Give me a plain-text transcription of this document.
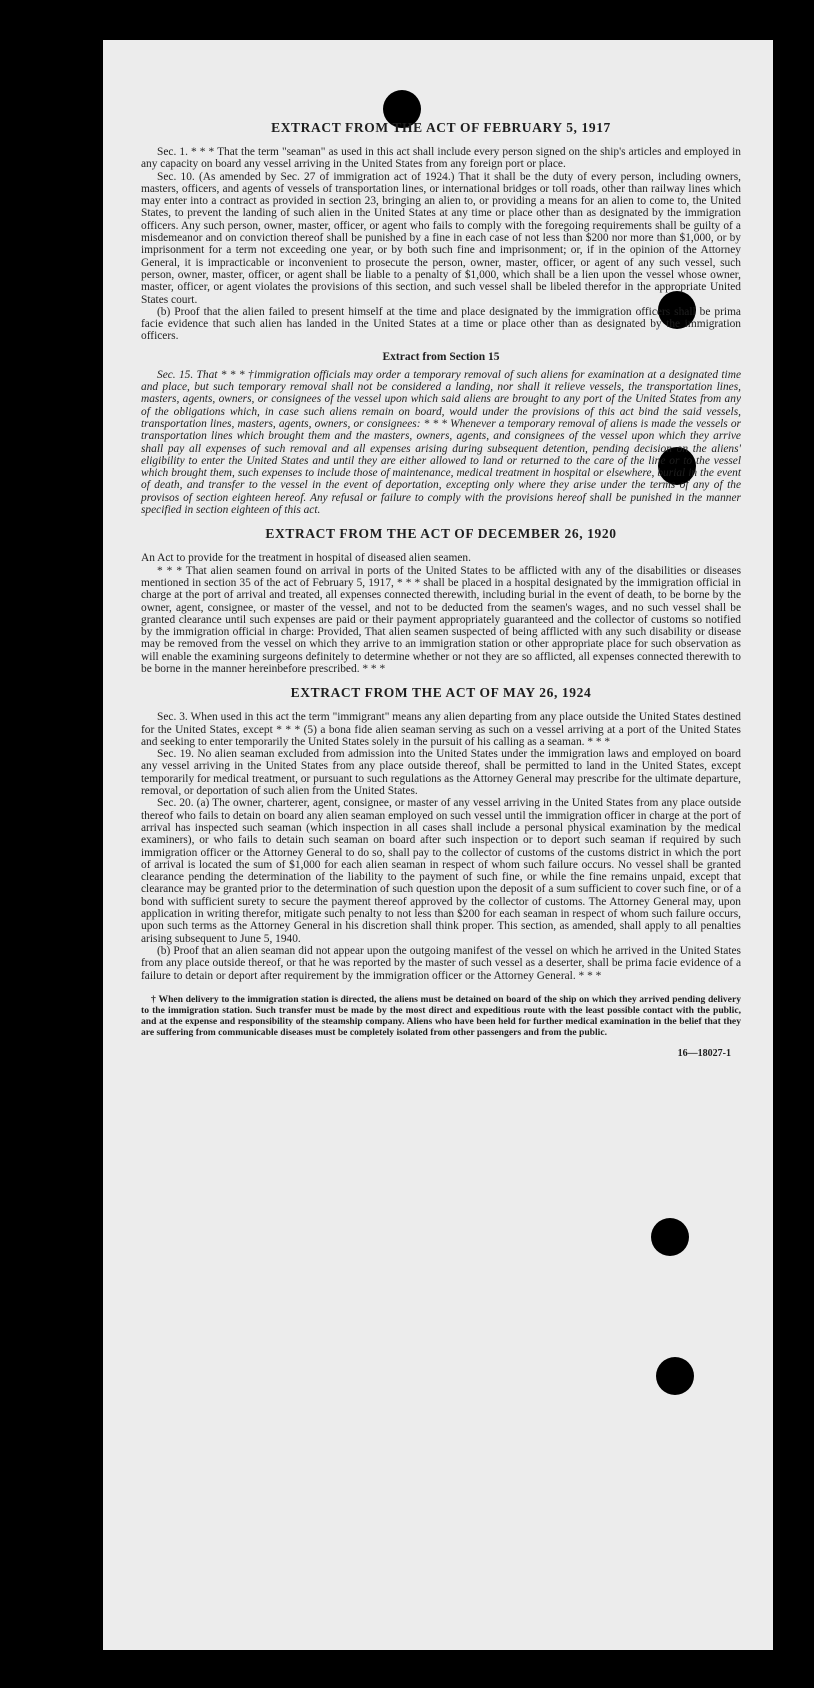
EXTRACT FROM THE ACT OF FEBRUARY 5, 1917

Sec. 1. * * * That the term "seaman" as used in this act shall include every person signed on the ship's articles and employed in any capacity on board any vessel arriving in the United States from any foreign port or place.

Sec. 10. (As amended by Sec. 27 of immigration act of 1924.) That it shall be the duty of every person, including owners, masters, officers, and agents of vessels of transportation lines, or international bridges or toll roads, other than railway lines which may enter into a contract as provided in section 23, bringing an alien to, or providing a means for an alien to come to, the United States, to prevent the landing of such alien in the United States at any time or place other than as designated by the immigration officers. Any such person, owner, master, officer, or agent who fails to comply with the foregoing requirements shall be guilty of a misdemeanor and on conviction thereof shall be punished by a fine in each case of not less than $200 nor more than $1,000, or by imprisonment for a term not exceeding one year, or by both such fine and imprisonment; or, if in the opinion of the Attorney General, it is impracticable or inconvenient to prosecute the person, owner, master, officer, or agent of any such vessel, such person, owner, master, officer, or agent shall be liable to a penalty of $1,000, which shall be a lien upon the vessel whose owner, master, officer, or agent violates the provisions of this section, and such vessel shall be libeled therefor in the appropriate United States court.

(b) Proof that the alien failed to present himself at the time and place designated by the immigration officers shall be prima facie evidence that such alien has landed in the United States at a time or place other than as designated by the immigration officers.

Extract from Section 15

Sec. 15. That * * * †immigration officials may order a temporary removal of such aliens for examination at a designated time and place, but such temporary removal shall not be considered a landing, nor shall it relieve vessels, the transportation lines, masters, agents, owners, or consignees of the vessel upon which said aliens are brought to any port of the United States from any of the obligations which, in case such aliens remain on board, would under the provisions of this act bind the said vessels, transportation lines, masters, agents, owners, or consignees: * * * Whenever a temporary removal of aliens is made the vessels or transportation lines which brought them and the masters, owners, agents, and consignees of the vessel upon which they arrive shall pay all expenses of such removal and all expenses arising during subsequent detention, pending decision on the aliens' eligibility to enter the United States and until they are either allowed to land or returned to the care of the line or to the vessel which brought them, such expenses to include those of maintenance, medical treatment in hospital or elsewhere, burial in the event of death, and transfer to the vessel in the event of deportation, excepting only where they arise under the terms of any of the provisos of section eighteen hereof. Any refusal or failure to comply with the provisions hereof shall be punished in the manner specified in section eighteen of this act.

EXTRACT FROM THE ACT OF DECEMBER 26, 1920

An Act to provide for the treatment in hospital of diseased alien seamen.

* * * That alien seamen found on arrival in ports of the United States to be afflicted with any of the disabilities or diseases mentioned in section 35 of the act of February 5, 1917, * * * shall be placed in a hospital designated by the immigration official in charge at the port of arrival and treated, all expenses connected therewith, including burial in the event of death, to be borne by the owner, agent, consignee, or master of the vessel, and not to be deducted from the seamen's wages, and no such vessel shall be granted clearance until such expenses are paid or their payment appropriately guaranteed and the collector of customs so notified by the immigration official in charge: Provided, That alien seamen suspected of being afflicted with any such disability or disease may be removed from the vessel on which they arrive to an immigration station or other appropriate place for such observation as will enable the examining surgeons definitely to determine whether or not they are so afflicted, all expenses connected therewith to be borne in the manner hereinbefore prescribed. * * *

EXTRACT FROM THE ACT OF MAY 26, 1924

Sec. 3. When used in this act the term "immigrant" means any alien departing from any place outside the United States destined for the United States, except * * * (5) a bona fide alien seaman serving as such on a vessel arriving at a port of the United States and seeking to enter temporarily the United States solely in the pursuit of his calling as a seaman. * * *

Sec. 19. No alien seaman excluded from admission into the United States under the immigration laws and employed on board any vessel arriving in the United States from any place outside thereof, shall be permitted to land in the United States, except temporarily for medical treatment, or pursuant to such regulations as the Attorney General may prescribe for the ultimate departure, removal, or deportation of such alien from the United States.

Sec. 20. (a) The owner, charterer, agent, consignee, or master of any vessel arriving in the United States from any place outside thereof who fails to detain on board any alien seaman employed on such vessel until the immigration officer in charge at the port of arrival has inspected such seaman (which inspection in all cases shall include a personal physical examination by the medical examiners), or who fails to detain such seaman on board after such inspection or to deport such seaman if required by such immigration officer or the Attorney General to do so, shall pay to the collector of customs of the customs district in which the port of arrival is located the sum of $1,000 for each alien seaman in respect of whom such failure occurs. No vessel shall be granted clearance pending the determination of the liability to the payment of such fine, or while the fine remains unpaid, except that clearance may be granted prior to the determination of such question upon the deposit of a sum sufficient to cover such fine, or of a bond with sufficient surety to secure the payment thereof approved by the collector of customs. The Attorney General may, upon application in writing therefor, mitigate such penalty to not less than $200 for each seaman in respect of whom such failure occurs, upon such terms as the Attorney General in his discretion shall think proper. This section, as amended, shall apply to all penalties arising subsequent to June 5, 1940.

(b) Proof that an alien seaman did not appear upon the outgoing manifest of the vessel on which he arrived in the United States from any place outside thereof, or that he was reported by the master of such vessel as a deserter, shall be prima facie evidence of a failure to detain or deport after requirement by the immigration officer or the Attorney General. * * *

† When delivery to the immigration station is directed, the aliens must be detained on board of the ship on which they arrived pending delivery to the immigration station. Such transfer must be made by the most direct and expeditious route with the least possible contact with the public, and at the expense and responsibility of the steamship company. Aliens who have been held for further medical examination in the belief that they are suffering from communicable diseases must be completely isolated from other passengers and from the public.

16—18027-1
